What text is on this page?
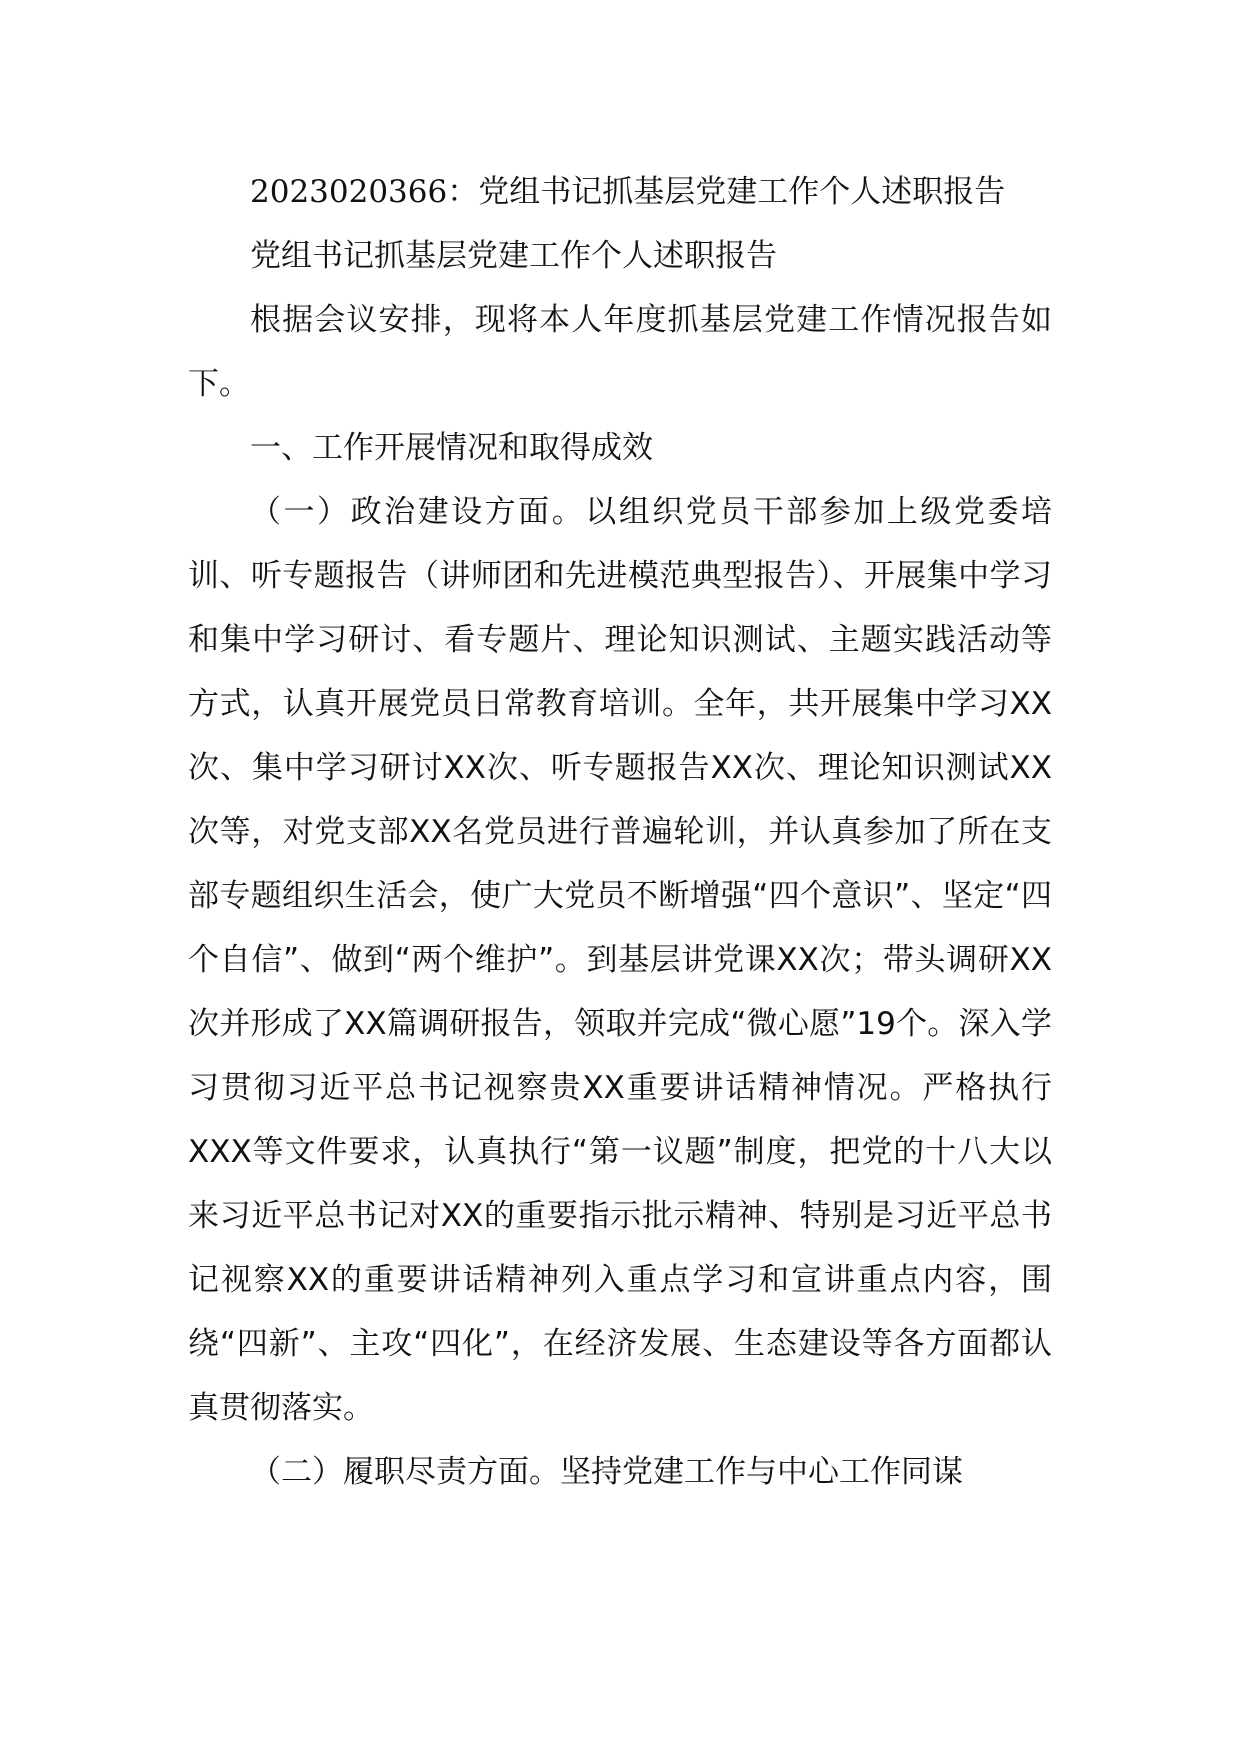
2023020366：党组书记抓基层党建工作个人述职报告

党组书记抓基层党建工作个人述职报告

根据会议安排，现将本人年度抓基层党建工作情况报告如下。

一、工作开展情况和取得成效

（一）政治建设方面。以组织党员干部参加上级党委培训、听专题报告（讲师团和先进模范典型报告）、开展集中学习和集中学习研讨、看专题片、理论知识测试、主题实践活动等方式，认真开展党员日常教育培训。全年，共开展集中学习XX次、集中学习研讨XX次、听专题报告XX次、理论知识测试XX次等，对党支部XX名党员进行普遍轮训，并认真参加了所在支部专题组织生活会，使广大党员不断增强“四个意识”、坚定“四个自信”、做到“两个维护”。到基层讲党课XX次；带头调研XX次并形成了XX篇调研报告，领取并完成“微心愿”19个。深入学习贯彻习近平总书记视察贵XX重要讲话精神情况。严格执行XXX等文件要求，认真执行“第一议题”制度，把党的十八大以来习近平总书记对XX的重要指示批示精神、特别是习近平总书记视察XX的重要讲话精神列入重点学习和宣讲重点内容，围绕“四新”、主攻“四化”，在经济发展、生态建设等各方面都认真贯彻落实。

（二）履职尽责方面。坚持党建工作与中心工作同谋
